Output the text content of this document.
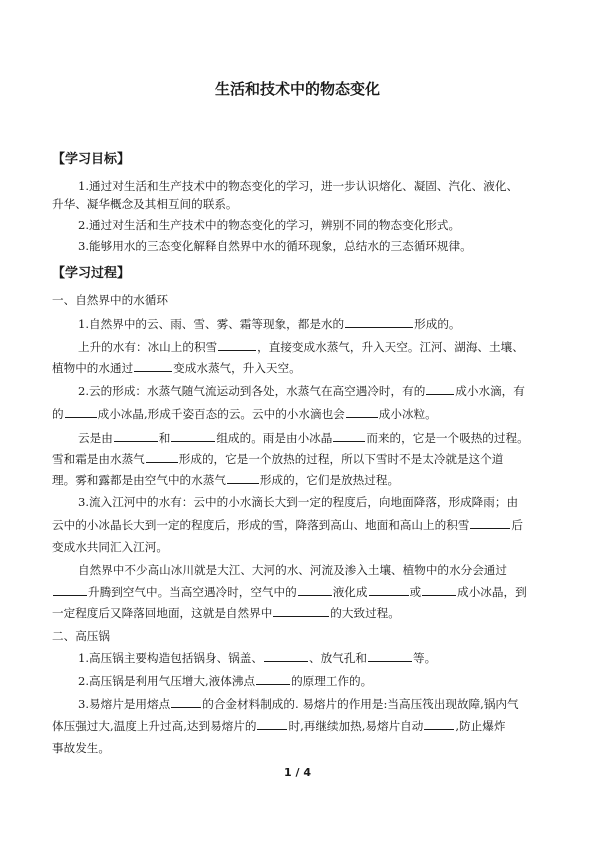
生活和技术中的物态变化
【学习目标】
1.通过对生活和生产技术中的物态变化的学习，进一步认识熔化、凝固、汽化、液化、
升华、凝华概念及其相互间的联系。
2.通过对生活和生产技术中的物态变化的学习，辨别不同的物态变化形式。
3.能够用水的三态变化解释自然界中水的循环现象，总结水的三态循环规律。
【学习过程】
一、自然界中的水循环
1.自然界中的云、雨、雪、雾、霜等现象，都是水的	形成的。
上升的水有：冰山上的积雪	，直接变成水蒸气，升入天空。江河、湖海、土壤、
植物中的水通过	变成水蒸气，升入天空。
2.云的形成：水蒸气随气流运动到各处，水蒸气在高空遇冷时，有的	成小水滴，有
的	成小冰晶,形成千姿百态的云。云中的小水滴也会	成小冰粒。
云是由	和	组成的。雨是由小冰晶	而来的，它是一个吸热的过程。
雪和霜是由水蒸气	形成的，它是一个放热的过程，所以下雪时不是太冷就是这个道
理。雾和露都是由空气中的水蒸气	形成的，它们是放热过程。
3.流入江河中的水有：云中的小水滴长大到一定的程度后，向地面降落，形成降雨；由
云中的小冰晶长大到一定的程度后，形成的雪，降落到高山、地面和高山上的积雪	后
变成水共同汇入江河。
自然界中不少高山冰川就是大江、大河的水、河流及渗入土壤、植物中的水分会通过
升腾到空气中。当高空遇冷时，空气中的	液化成	或	成小冰晶，到
一定程度后又降落回地面，这就是自然界中	的大致过程。
二、高压锅
1.高压锅主要构造包括锅身、锅盖、	、放气孔和	等。
2.高压锅是利用气压增大,液体沸点	的原理工作的。
3.易熔片是用熔点	的合金材料制成的. 易熔片的作用是:当高压筏出现故障,锅内气
体压强过大,温度上升过高,达到易熔片的	时,再继续加热,易熔片自动	,防止爆炸
事故发生。
1 / 4
